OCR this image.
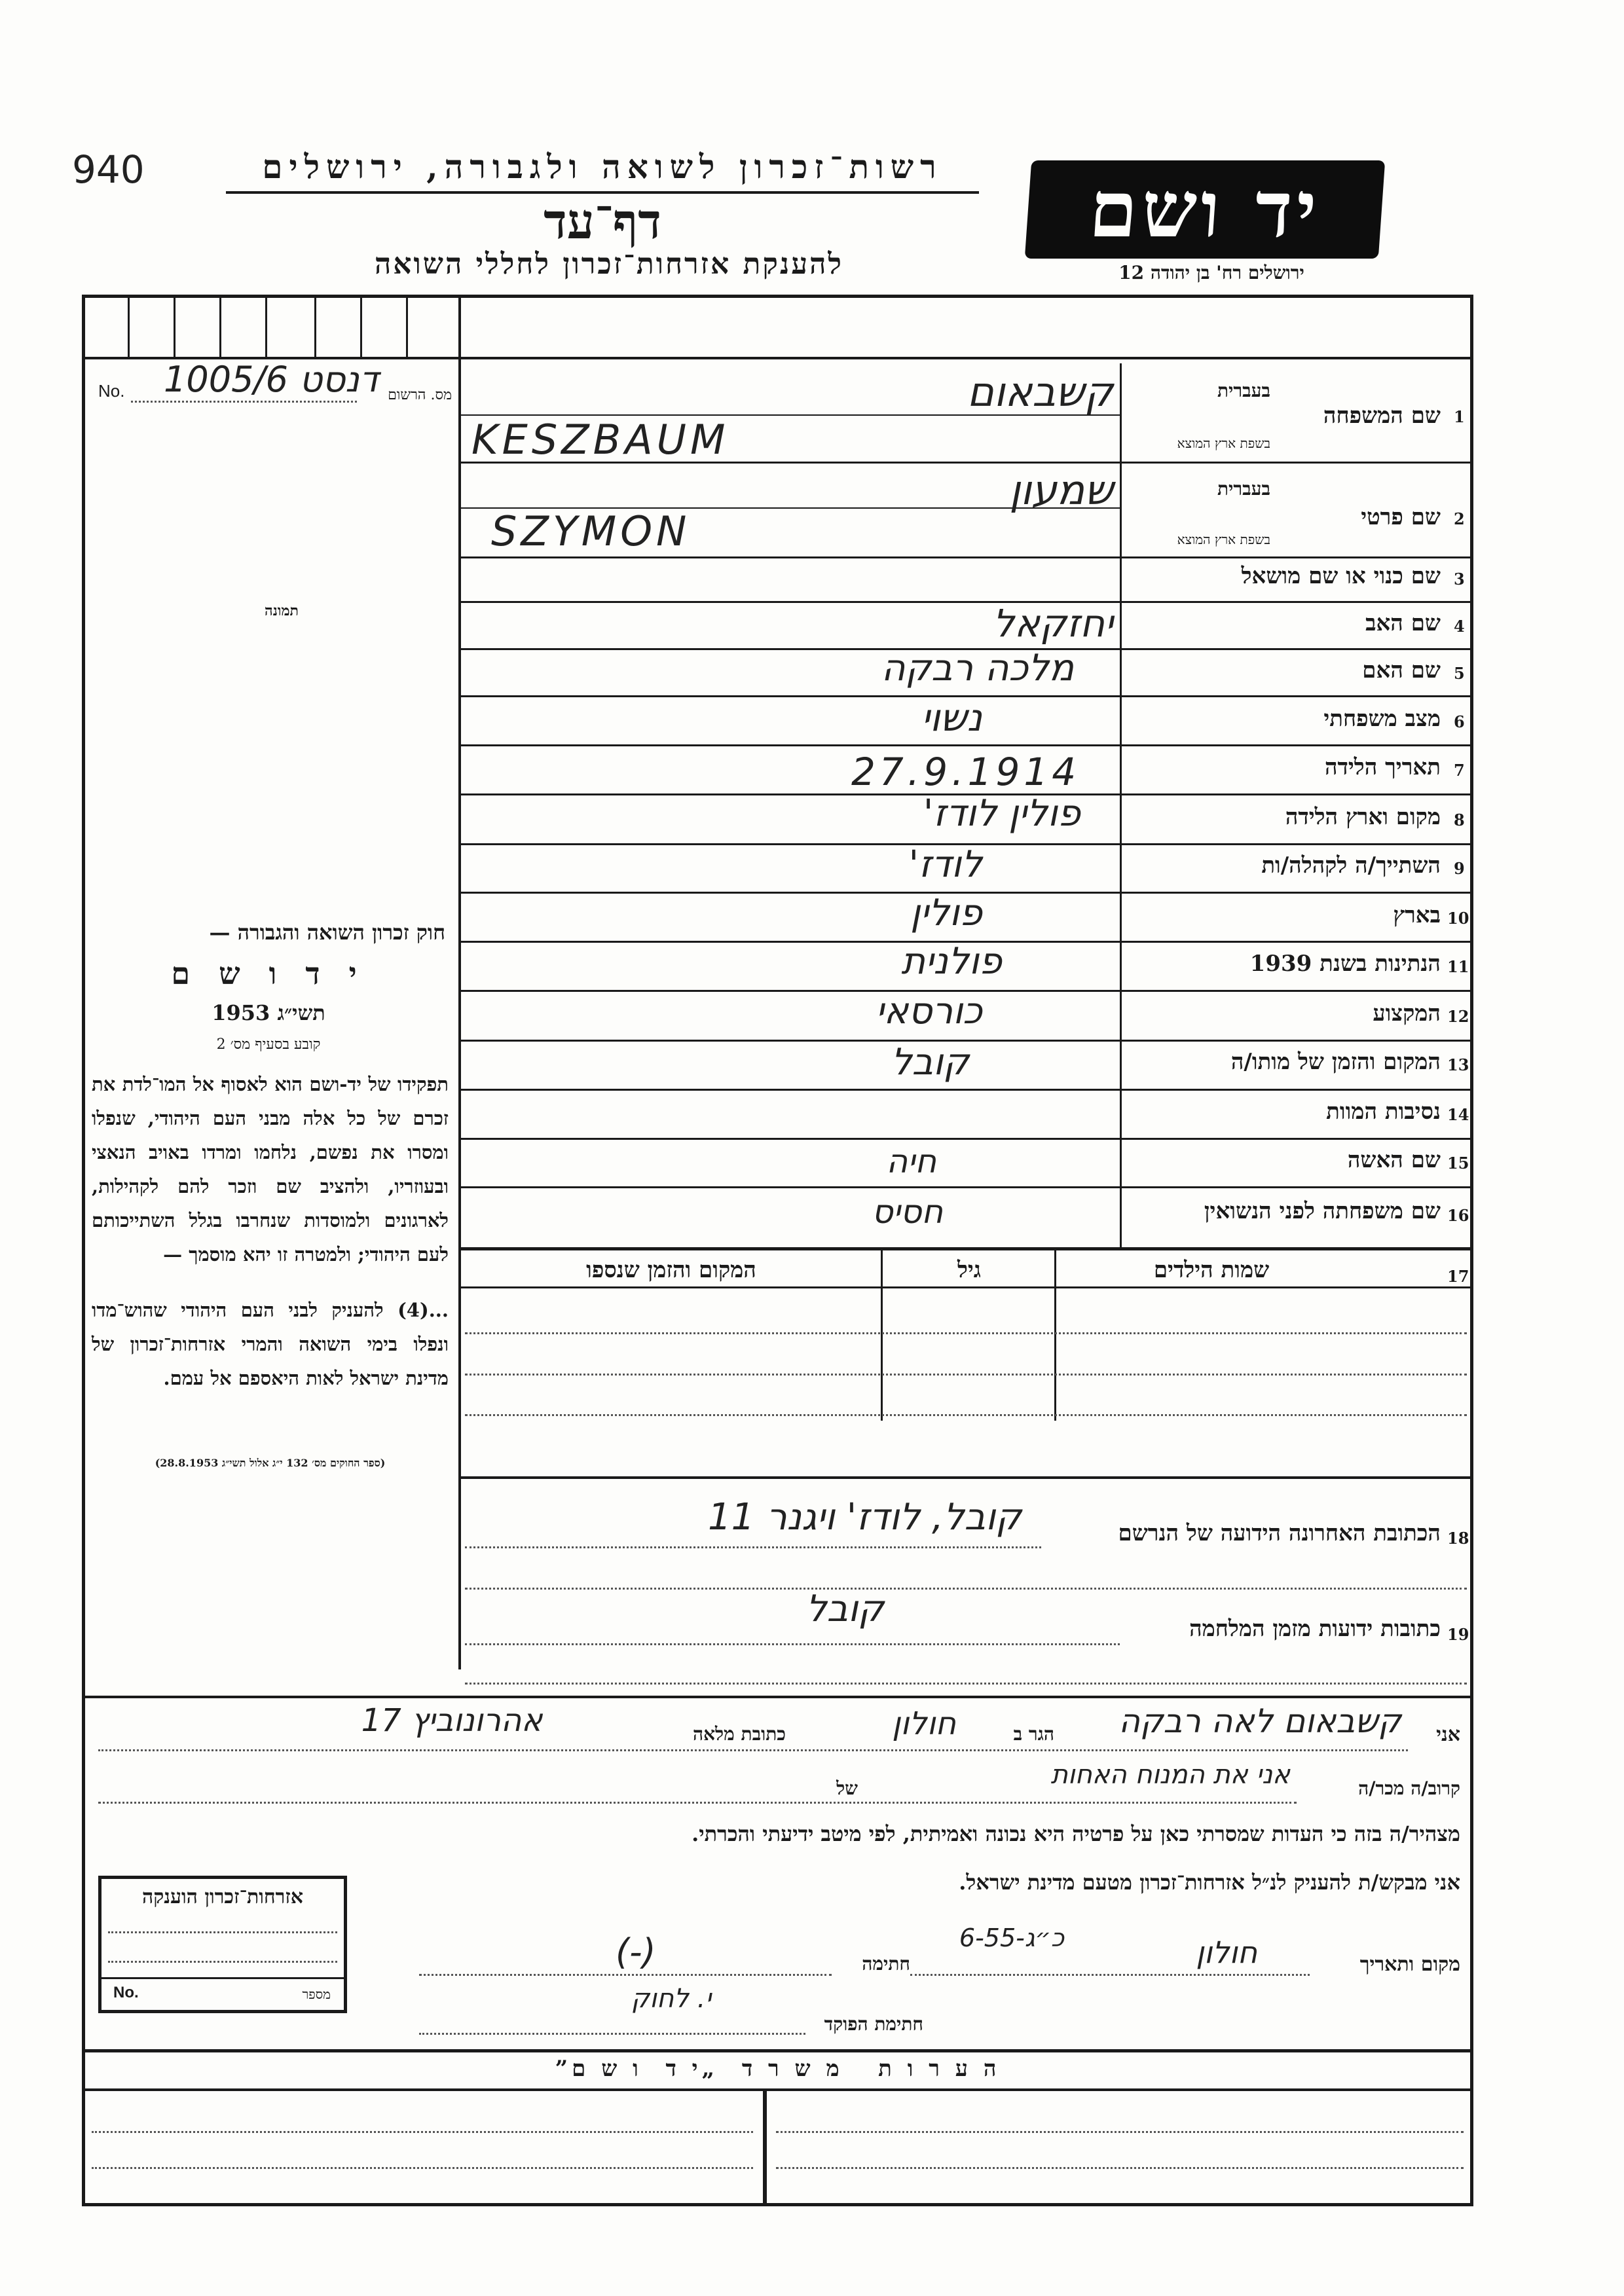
940	רשות־זכרון לשואה ולגבורה, ירושלים
דף־עד
להענקת אזרחות־זכרון לחללי השואה
יד ושם
ירושלים רח' בן יהודה 12
No. 1005/6 דנסט מס. הרשום
תמונה
חוק זכרון השואה והגבורה —
י ד ו ש ם
תשי״ג 1953
קובע בסעיף מס׳ 2
תפקידו של יד-ושם הוא לאסוף אל המו־לדת את זכרם של כל אלה מבני העם היהודי, שנפלו ומסרו את נפשם, נלחמו ומרדו באויב הנאצי ובעוזריו, ולהציב שם וזכר להם לקהילות, לארגונים ולמוסדות שנחרבו בגלל השתייכותם לעם היהודי; ולמטרה זו יהא מוסמך —
...(4) להעניק לבני העם היהודי שהוש־מדו ונפלו בימי השואה והמרי אזרחות־זכרון של מדינת ישראל לאות היאספם אל עמם.
(ספר החוקים מס׳ 132 י״ג אלול תשי״ג 28.8.1953)
1
שם המשפחה
בעברית
בשפת ארץ המוצא
קשבאום
KESZBAUM
2
שם פרטי
בעברית
בשפת ארץ המוצא
שמעון
SZYMON
3
שם כנוי או שם מושאל
4
שם האב
יחזקאל
5
שם האם
מלכה רבקה
6
מצב משפחתי
נשוי
7
תאריך הלידה
27.9.1914
8
מקום וארץ הלידה
פולין לודז'
9
השתייך/ה לקהלה/ות
לודז'
10
בארץ
פולין
11
הנתינות בשנת 1939
פולנית
12
המקצוע
כורסאי
13
המקום והזמן של מותו/ה
קובל
14
נסיבות המוות
15
שם האשה
חיה
16
שם משפחתה לפני הנשואין
חסיס
17
שמות הילדים
גיל
המקום והזמן שנספו
18
הכתובת האחרונה הידועה של הנרשם
קובל, לודז' ויגנר 11
19
כתובות ידועות מזמן המלחמה
קובל
אני
קשבאום לאה רבקה
הגר ב
חולון
כתובת מלאה
אהרונוביץ 17
קרוב/ה מכר/ה
אני את המנוח האחות
של
מצהיר/ה בזה כי העדות שמסרתי כאן על פרטיה היא נכונה ואמיתית, לפי מיטב ידיעתי והכרתי.
אני מבקש/ת להעניק לנ״ל אזרחות־זכרון מטעם מדינת ישראל.
מקום ותאריך
חולון
כ״ג-6-55
חתימה
(-)
חתימת הפוקד
י. לחוק
אזרחות־זכרון הוענקה
No.	מספר
ה ע ר ו ת   מ ש ר ד  „י ד  ו ש ם”
